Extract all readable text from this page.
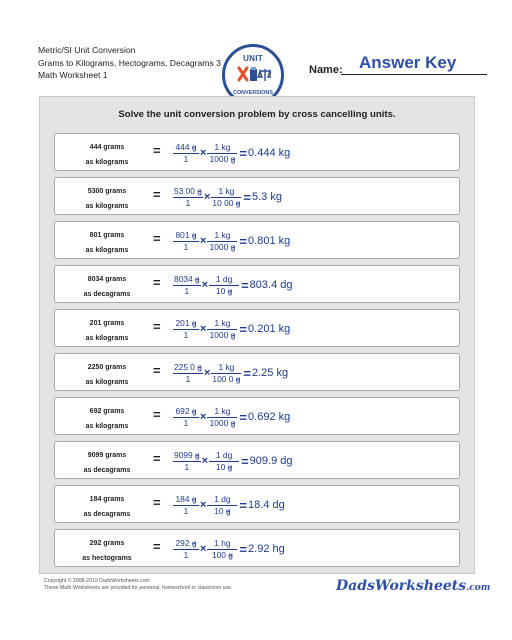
Metric/SI Unit Conversion
Grams to Kilograms, Hectograms, Decagrams 3
Math Worksheet 1
UNIT
CONVERSIONS
Name: Answer Key
Solve the unit conversion problem by cross cancelling units.
444 grams
as kilograms
= $\frac{444 g}{1} \times \frac{1 kg}{1000 g} = 0.444$ kg
5300 grams
as kilograms
= $\frac{53 00 g}{1} \times \frac{1 kg}{10 00 g} = 5.3$ kg
801 grams
as kilograms
= $\frac{801 g}{1} \times \frac{1 kg}{1000 g} = 0.801$ kg
8034 grams
as decagrams
= $\frac{8034 g}{1} \times \frac{1 dg}{10 g} = 803.4$ dg
201 grams
as kilograms
= $\frac{201 g}{1} \times \frac{1 kg}{1000 g} = 0.201$ kg
2250 grams
as kilograms
= $\frac{225 0 g}{1} \times \frac{1 kg}{100 0 g} = 2.25$ kg
692 grams
as kilograms
= $\frac{692 g}{1} \times \frac{1 kg}{1000 g} = 0.692$ kg
9099 grams
as decagrams
= $\frac{9099 g}{1} \times \frac{1 dg}{10 g} = 909.9$ dg
184 grams
as decagrams
= $\frac{184 g}{1} \times \frac{1 dg}{10 g} = 18.4$ dg
292 grams
as hectograms
= $\frac{292 g}{1} \times \frac{1 hg}{100 g} = 2.92$ hg
Copyright © 2008-2019 DadsWorksheets.com
These Math Worksheets are provided for personal, homeschool or classroom use.	DadsWorksheets.com
